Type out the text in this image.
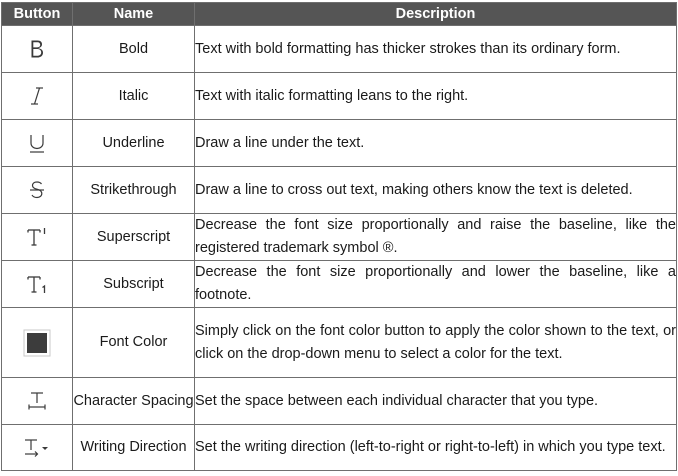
Button	Name	Description

	Bold	Text with bold formatting has thicker strokes than its ordinary form.

	Italic	Text with italic formatting leans to the right.

	Underline	Draw a line under the text.

	Strikethrough	Draw a line to cross out text, making others know the text is deleted.

	Superscript	Decrease the font size proportionally and raise the baseline, like the registered trademark symbol ®.

	Subscript	Decrease the font size proportionally and lower the baseline, like a footnote.

	Font Color	Simply click on the font color button to apply the color shown to the text, or click on the drop-down menu to select a color for the text.

	Character Spacing	Set the space between each individual character that you type.

	Writing Direction	Set the writing direction (left-to-right or right-to-left) in which you type text.
